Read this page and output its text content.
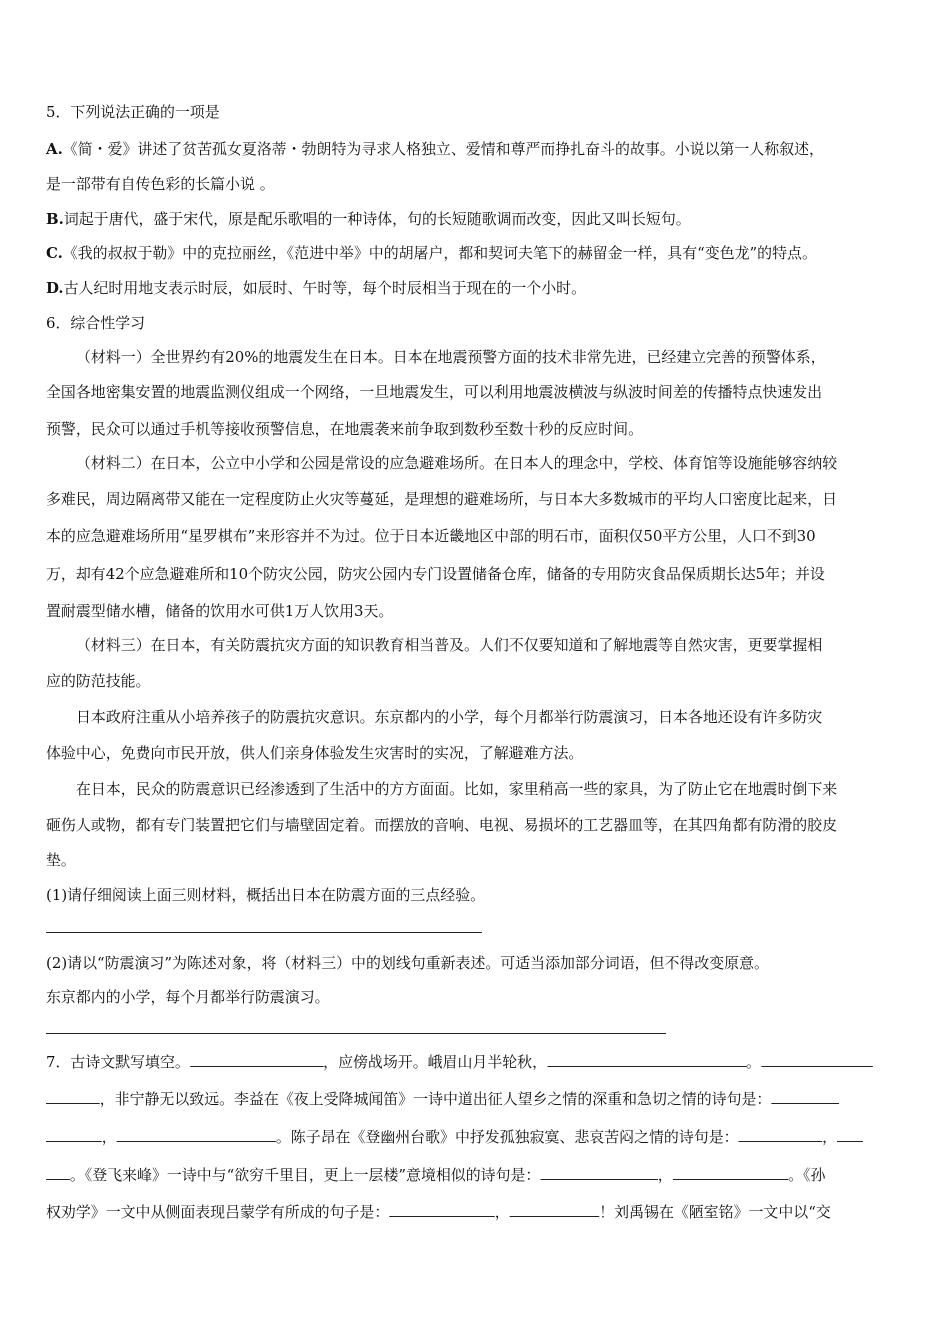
5．下列说法正确的一项是

A.《简・爱》讲述了贫苦孤女夏洛蒂・勃朗特为寻求人格独立、爱情和尊严而挣扎奋斗的故事。小说以第一人称叙述，

是一部带有自传色彩的长篇小说 。

B.词起于唐代，盛于宋代，原是配乐歌唱的一种诗体，句的长短随歌调而改变，因此又叫长短句。

C.《我的叔叔于勒》中的克拉丽丝，《范进中举》中的胡屠户，都和契诃夫笔下的赫留金一样，具有“变色龙”的特点。

D.古人纪时用地支表示时辰，如辰时、午时等，每个时辰相当于现在的一个小时。

6．综合性学习

（材料一）全世界约有20%的地震发生在日本。日本在地震预警方面的技术非常先进，已经建立完善的预警体系，

全国各地密集安置的地震监测仪组成一个网络，一旦地震发生，可以利用地震波横波与纵波时间差的传播特点快速发出

预警，民众可以通过手机等接收预警信息，在地震袭来前争取到数秒至数十秒的反应时间。

（材料二）在日本，公立中小学和公园是常设的应急避难场所。在日本人的理念中，学校、体育馆等设施能够容纳较

多难民，周边隔离带又能在一定程度防止火灾等蔓延，是理想的避难场所，与日本大多数城市的平均人口密度比起来，日

本的应急避难场所用“星罗棋布”来形容并不为过。位于日本近畿地区中部的明石市，面积仅50平方公里，人口不到30

万，却有42个应急避难所和10个防灾公园，防灾公园内专门设置储备仓库，储备的专用防灾食品保质期长达5年；并设

置耐震型储水槽，储备的饮用水可供1万人饮用3天。

（材料三）在日本，有关防震抗灾方面的知识教育相当普及。人们不仅要知道和了解地震等自然灾害，更要掌握相

应的防范技能。

日本政府注重从小培养孩子的防震抗灾意识。东京都内的小学，每个月都举行防震演习，日本各地还设有许多防灾

体验中心，免费向市民开放，供人们亲身体验发生灾害时的实况，了解避难方法。

在日本，民众的防震意识已经渗透到了生活中的方方面面。比如，家里稍高一些的家具，为了防止它在地震时倒下来

砸伤人或物，都有专门装置把它们与墙壁固定着。而摆放的音响、电视、易损坏的工艺器皿等，在其四角都有防滑的胶皮

垫。

(1)请仔细阅读上面三则材料，概括出日本在防震方面的三点经验。

(2)请以“防震演习”为陈述对象，将（材料三）中的划线句重新表述。可适当添加部分词语，但不得改变原意。

东京都内的小学，每个月都举行防震演习。

7．古诗文默写填空。	，应傍战场开。峨眉山月半轮秋，	。

，非宁静无以致远。李益在《夜上受降城闻笛》一诗中道出征人望乡之情的深重和急切之情的诗句是：

，	。陈子昂在《登幽州台歌》中抒发孤独寂寞、悲哀苦闷之情的诗句是：	，

。《登飞来峰》一诗中与“欲穷千里目，更上一层楼”意境相似的诗句是：	，	。《孙

权劝学》一文中从侧面表现吕蒙学有所成的句子是：	，	！刘禹锡在《陋室铭》一文中以“交
